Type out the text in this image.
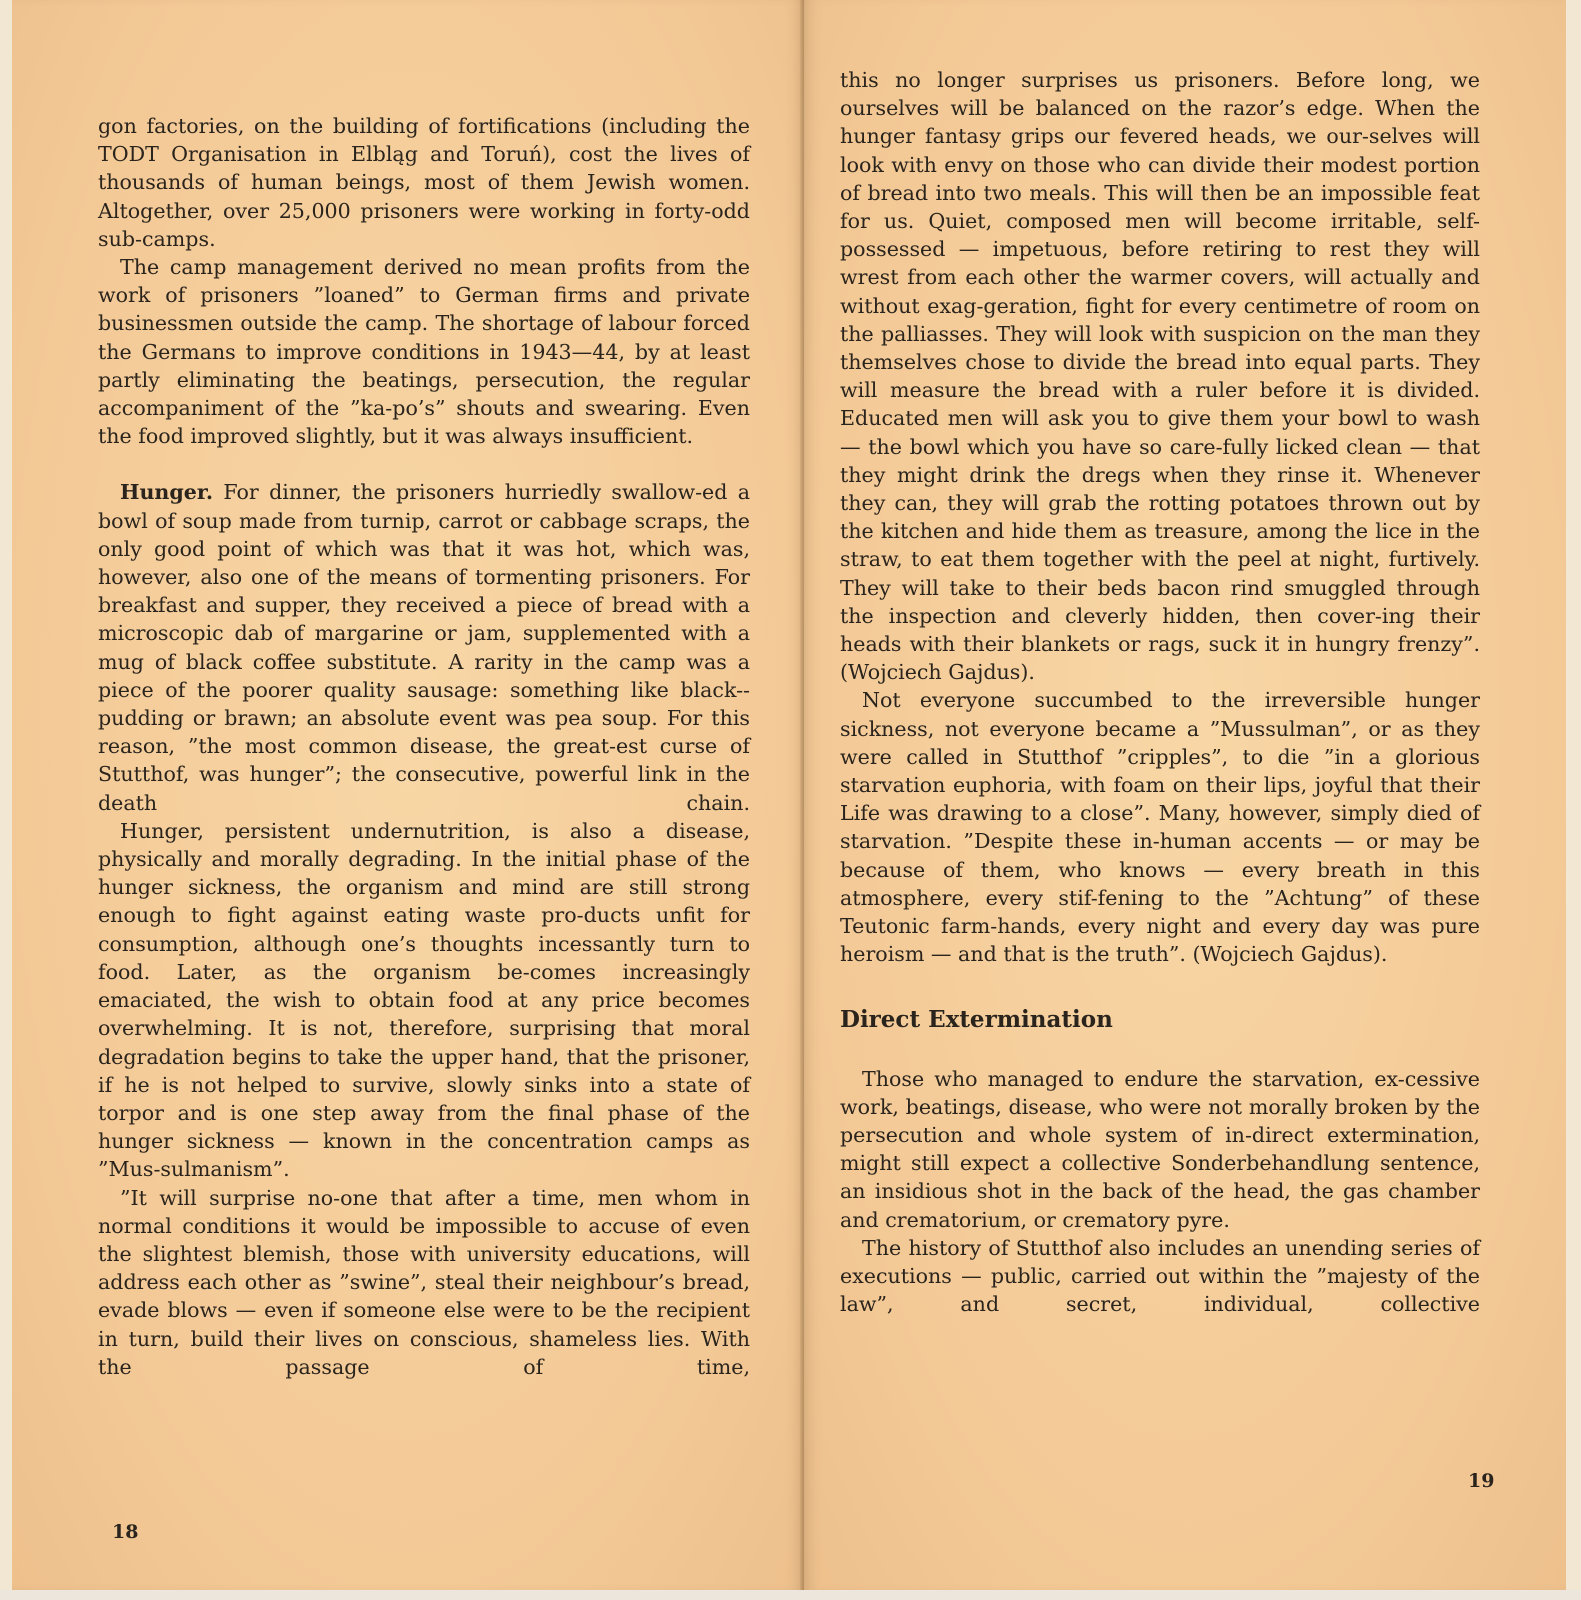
gon factories, on the building of fortifications (including the TODT Organisation in Elbląg and Toruń), cost the lives of thousands of human beings, most of them Jewish women. Altogether, over 25,000 prisoners were working in forty-odd sub-camps.

The camp management derived no mean profits from the work of prisoners ”loaned” to German firms and private businessmen outside the camp. The shortage of labour forced the Germans to improve conditions in 1943—44, by at least partly eliminating the beatings, persecution, the regular accompaniment of the ”ka-po’s” shouts and swearing. Even the food improved slightly, but it was always insufficient.

Hunger. For dinner, the prisoners hurriedly swallow-ed a bowl of soup made from turnip, carrot or cabbage scraps, the only good point of which was that it was hot, which was, however, also one of the means of tormenting prisoners. For breakfast and supper, they received a piece of bread with a microscopic dab of margarine or jam, supplemented with a mug of black coffee substitute. A rarity in the camp was a piece of the poorer quality sausage: something like black--pudding or brawn; an absolute event was pea soup. For this reason, ”the most common disease, the great-est curse of Stutthof, was hunger”; the consecutive, powerful link in the death chain.

Hunger, persistent undernutrition, is also a disease, physically and morally degrading. In the initial phase of the hunger sickness, the organism and mind are still strong enough to fight against eating waste pro-ducts unfit for consumption, although one’s thoughts incessantly turn to food. Later, as the organism be-comes increasingly emaciated, the wish to obtain food at any price becomes overwhelming. It is not, therefore, surprising that moral degradation begins to take the upper hand, that the prisoner, if he is not helped to survive, slowly sinks into a state of torpor and is one step away from the final phase of the hunger sickness — known in the concentration camps as ”Mus-sulmanism”.

”It will surprise no-one that after a time, men whom in normal conditions it would be impossible to accuse of even the slightest blemish, those with university educations, will address each other as ”swine”, steal their neighbour’s bread, evade blows — even if someone else were to be the recipient in turn, build their lives on conscious, shameless lies. With the passage of time,

18

this no longer surprises us prisoners. Before long, we ourselves will be balanced on the razor’s edge. When the hunger fantasy grips our fevered heads, we our-selves will look with envy on those who can divide their modest portion of bread into two meals. This will then be an impossible feat for us. Quiet, composed men will become irritable, self-possessed — impetuous, before retiring to rest they will wrest from each other the warmer covers, will actually and without exag-geration, fight for every centimetre of room on the palliasses. They will look with suspicion on the man they themselves chose to divide the bread into equal parts. They will measure the bread with a ruler before it is divided. Educated men will ask you to give them your bowl to wash — the bowl which you have so care-fully licked clean — that they might drink the dregs when they rinse it. Whenever they can, they will grab the rotting potatoes thrown out by the kitchen and hide them as treasure, among the lice in the straw, to eat them together with the peel at night, furtively. They will take to their beds bacon rind smuggled through the inspection and cleverly hidden, then cover-ing their heads with their blankets or rags, suck it in hungry frenzy”. (Wojciech Gajdus).

Not everyone succumbed to the irreversible hunger sickness, not everyone became a ”Mussulman”, or as they were called in Stutthof ”cripples”, to die ”in a glorious starvation euphoria, with foam on their lips, joyful that their Life was drawing to a close”. Many, however, simply died of starvation. ”Despite these in-human accents — or may be because of them, who knows — every breath in this atmosphere, every stif-fening to the ”Achtung” of these Teutonic farm-hands, every night and every day was pure heroism — and that is the truth”. (Wojciech Gajdus).

Direct Extermination

Those who managed to endure the starvation, ex-cessive work, beatings, disease, who were not morally broken by the persecution and whole system of in-direct extermination, might still expect a collective Sonderbehandlung sentence, an insidious shot in the back of the head, the gas chamber and crematorium, or crematory pyre.

The history of Stutthof also includes an unending series of executions — public, carried out within the ”majesty of the law”, and secret, individual, collective

19
